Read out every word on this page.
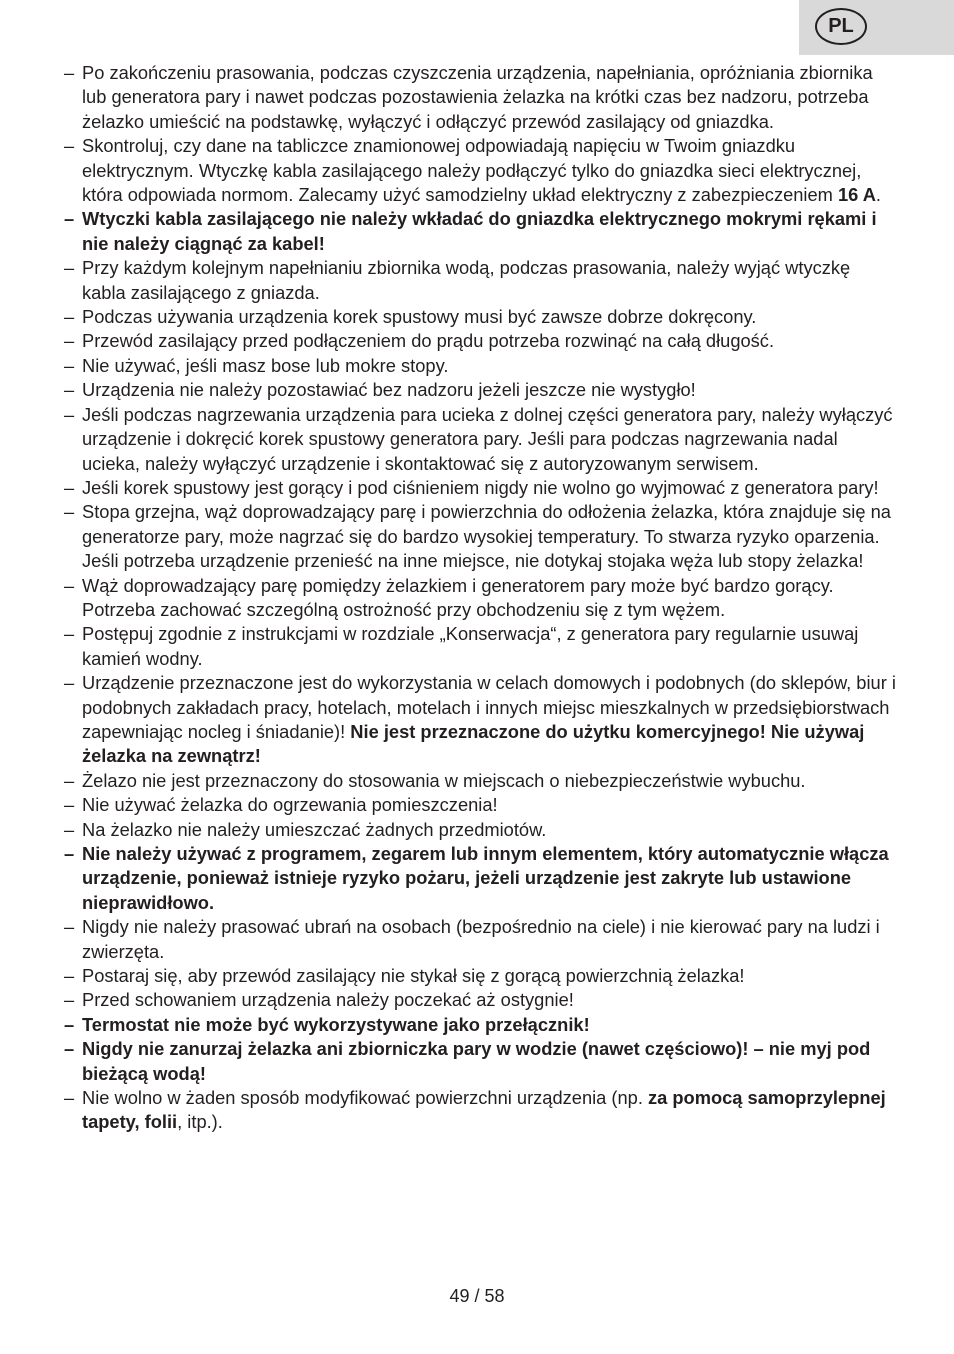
PL

– Po zakończeniu prasowania, podczas czyszczenia urządzenia, napełniania, opróżniania zbiornika lub generatora pary i nawet podczas pozostawienia żelazka na krótki czas bez nadzoru, potrzeba żelazko umieścić na podstawkę, wyłączyć i odłączyć przewód zasilający od gniazdka.

– Skontroluj, czy dane na tabliczce znamionowej odpowiadają napięciu w Twoim gniazdku elektrycznym. Wtyczkę kabla zasilającego należy podłączyć tylko do gniazdka sieci elektrycznej, która odpowiada normom. Zalecamy użyć samodzielny układ elektryczny z zabezpieczeniem 16 A.

– Wtyczki kabla zasilającego nie należy wkładać do gniazdka elektrycznego mokrymi rękami i nie należy ciągnąć za kabel!

– Przy każdym kolejnym napełnianiu zbiornika wodą, podczas prasowania, należy wyjąć wtyczkę kabla zasilającego z gniazda.

– Podczas używania urządzenia korek spustowy musi być zawsze dobrze dokręcony.

– Przewód zasilający przed podłączeniem do prądu potrzeba rozwinąć na całą długość.

– Nie używać, jeśli masz bose lub mokre stopy.

– Urządzenia nie należy pozostawiać bez nadzoru jeżeli jeszcze nie wystygło!

– Jeśli podczas nagrzewania urządzenia para ucieka z dolnej części generatora pary, należy wyłączyć urządzenie i dokręcić korek spustowy generatora pary. Jeśli para podczas nagrzewania nadal ucieka, należy wyłączyć urządzenie i skontaktować się z autoryzowanym serwisem.

– Jeśli korek spustowy jest gorący i pod ciśnieniem nigdy nie wolno go wyjmować z generatora pary!

– Stopa grzejna, wąż doprowadzający parę i powierzchnia do odłożenia żelazka, która znajduje się na generatorze pary, może nagrzać się do bardzo wysokiej temperatury. To stwarza ryzyko oparzenia. Jeśli potrzeba urządzenie przenieść na inne miejsce, nie dotykaj stojaka węża lub stopy żelazka!

– Wąż doprowadzający parę pomiędzy żelazkiem i generatorem pary może być bardzo gorący. Potrzeba zachować szczególną ostrożność przy obchodzeniu się z tym wężem.

– Postępuj zgodnie z instrukcjami w rozdziale „Konserwacja“, z generatora pary regularnie usuwaj kamień wodny.

– Urządzenie przeznaczone jest do wykorzystania w celach domowych i podobnych (do sklepów, biur i podobnych zakładach pracy, hotelach, motelach i innych miejsc mieszkalnych w przedsiębiorstwach zapewniając nocleg i śniadanie)! Nie jest przeznaczone do użytku komercyjnego! Nie używaj żelazka na zewnątrz!

– Żelazo nie jest przeznaczony do stosowania w miejscach o niebezpieczeństwie wybuchu.

– Nie używać żelazka do ogrzewania pomieszczenia!

– Na żelazko nie należy umieszczać żadnych przedmiotów.

– Nie należy używać z programem, zegarem lub innym elementem, który automatycznie włącza urządzenie, ponieważ istnieje ryzyko pożaru, jeżeli urządzenie jest zakryte lub ustawione nieprawidłowo.

– Nigdy nie należy prasować ubrań na osobach (bezpośrednio na ciele) i nie kierować pary na ludzi i zwierzęta.

– Postaraj się, aby przewód zasilający nie stykał się z gorącą powierzchnią żelazka!

– Przed schowaniem urządzenia należy poczekać aż ostygnie!

– Termostat nie może być wykorzystywane jako przełącznik!

– Nigdy nie zanurzaj żelazka ani zbiorniczka pary w wodzie (nawet częściowo)! – nie myj pod bieżącą wodą!

– Nie wolno w żaden sposób modyfikować powierzchni urządzenia (np. za pomocą samoprzylepnej tapety, folii, itp.).

49 / 58
